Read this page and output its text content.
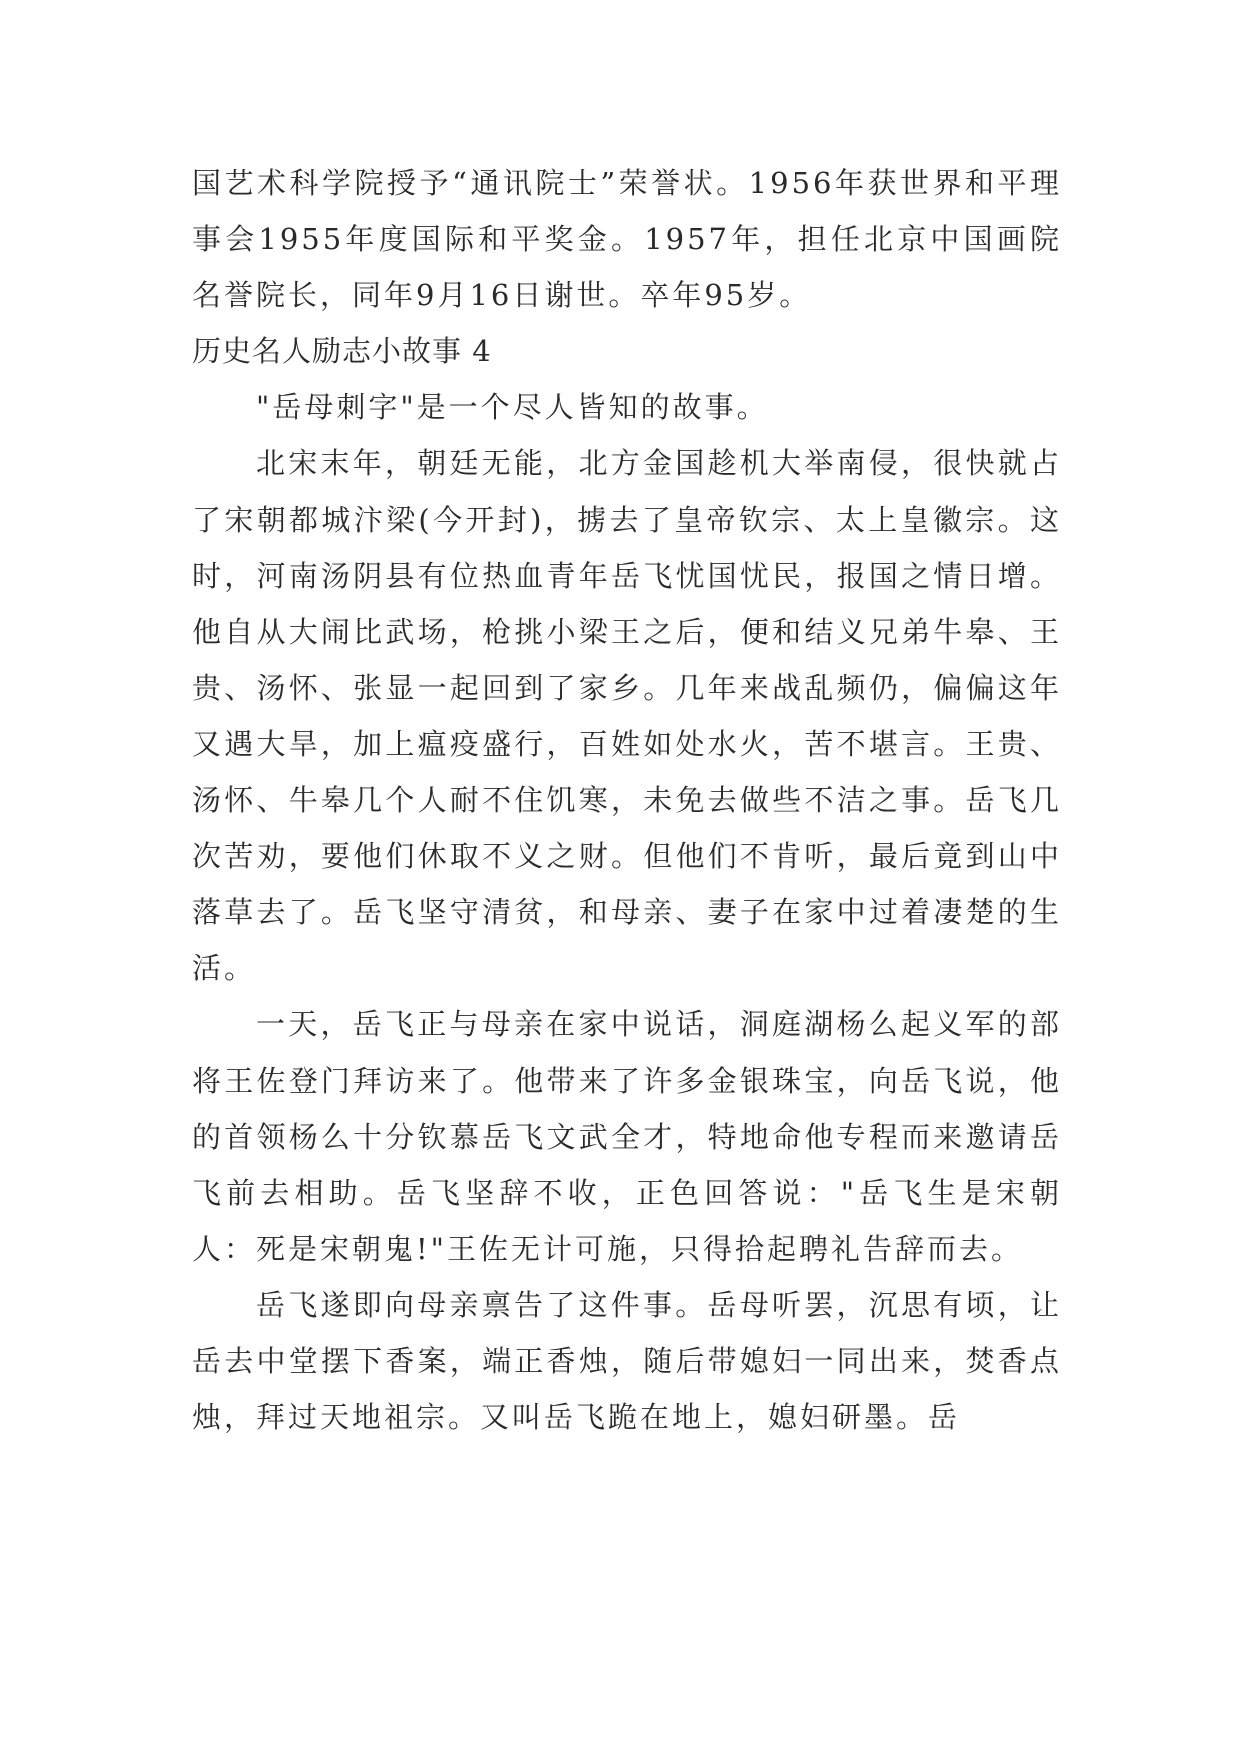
国艺术科学院授予“通讯院士”荣誉状。1956年获世界和平理事会1955年度国际和平奖金。1957年，担任北京中国画院名誉院长，同年9月16日谢世。卒年95岁。

历史名人励志小故事 4

"岳母刺字"是一个尽人皆知的故事。

北宋末年，朝廷无能，北方金国趁机大举南侵，很快就占了宋朝都城汴梁(今开封)，掳去了皇帝钦宗、太上皇徽宗。这时，河南汤阴县有位热血青年岳飞忧国忧民，报国之情日增。他自从大闹比武场，枪挑小梁王之后，便和结义兄弟牛皋、王贵、汤怀、张显一起回到了家乡。几年来战乱频仍，偏偏这年又遇大旱，加上瘟疫盛行，百姓如处水火，苦不堪言。王贵、汤怀、牛皋几个人耐不住饥寒，未免去做些不洁之事。岳飞几次苦劝，要他们休取不义之财。但他们不肯听，最后竟到山中落草去了。岳飞坚守清贫，和母亲、妻子在家中过着凄楚的生活。

一天，岳飞正与母亲在家中说话，洞庭湖杨么起义军的部将王佐登门拜访来了。他带来了许多金银珠宝，向岳飞说，他的首领杨么十分钦慕岳飞文武全才，特地命他专程而来邀请岳飞前去相助。岳飞坚辞不收，正色回答说："岳飞生是宋朝人：死是宋朝鬼!"王佐无计可施，只得拾起聘礼告辞而去。

岳飞遂即向母亲禀告了这件事。岳母听罢，沉思有顷，让岳去中堂摆下香案，端正香烛，随后带媳妇一同出来，焚香点烛，拜过天地祖宗。又叫岳飞跪在地上，媳妇研墨。岳
